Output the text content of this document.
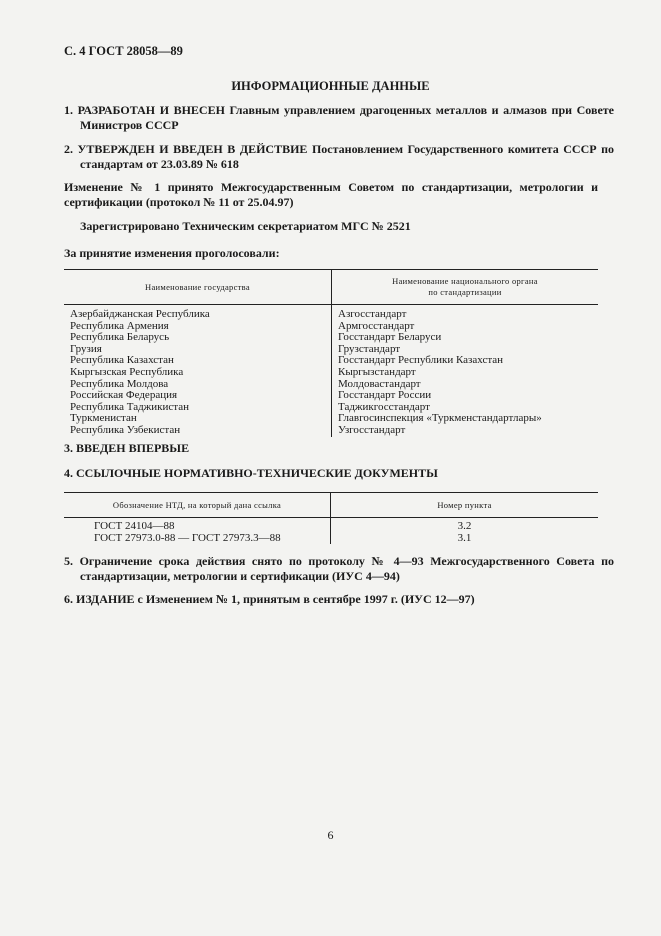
С. 4 ГОСТ 28058—89
ИНФОРМАЦИОННЫЕ ДАННЫЕ
1. РАЗРАБОТАН И ВНЕСЕН Главным управлением драгоценных металлов и алмазов при Совете Министров СССР
2. УТВЕРЖДЕН И ВВЕДЕН В ДЕЙСТВИЕ Постановлением Государственного комитета СССР по стандартам от 23.03.89 № 618
Изменение № 1 принято Межгосударственным Советом по стандартизации, метрологии и сертификации (протокол № 11 от 25.04.97)
Зарегистрировано Техническим секретариатом МГС № 2521
За принятие изменения проголосовали:
Наименование государства	Наименование национального органа
по стандартизации
Азербайджанская Республика	Азгосстандарт
Республика Армения	Армгосстандарт
Республика Беларусь	Госстандарт Беларуси
Грузия	Грузстандарт
Республика Казахстан	Госстандарт Республики Казахстан
Кыргызская Республика	Кыргызстандарт
Республика Молдова	Молдовастандарт
Российская Федерация	Госстандарт России
Республика Таджикистан	Таджикгосстандарт
Туркменистан	Главгосинспекция «Туркменстандартлары»
Республика Узбекистан	Узгосстандарт
3. ВВЕДЕН ВПЕРВЫЕ
4. ССЫЛОЧНЫЕ НОРМАТИВНО-ТЕХНИЧЕСКИЕ ДОКУМЕНТЫ
Обозначение НТД, на который дана ссылка	Номер пункта
ГОСТ 24104—88	3.2
ГОСТ 27973.0-88 — ГОСТ 27973.3—88	3.1
5. Ограничение срока действия снято по протоколу № 4—93 Межгосударственного Совета по стандартизации, метрологии и сертификации (ИУС 4—94)
6. ИЗДАНИЕ с Изменением № 1, принятым в сентябре 1997 г. (ИУС 12—97)
6
